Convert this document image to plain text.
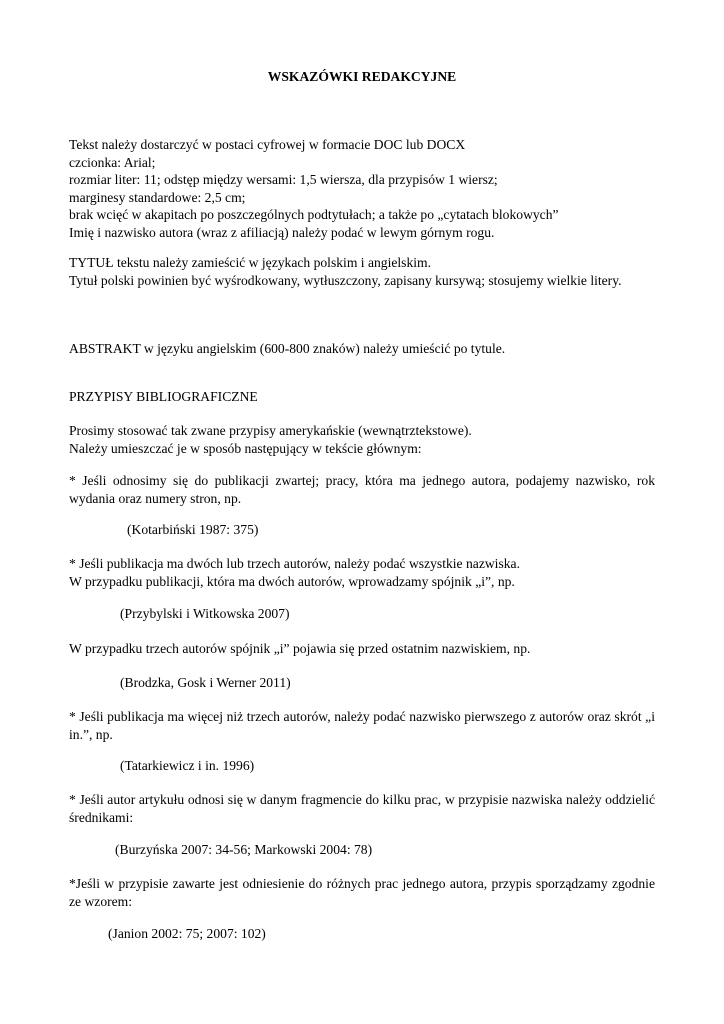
WSKAZÓWKI REDAKCYJNE

Tekst należy dostarczyć w postaci cyfrowej w formacie DOC lub DOCX

czcionka: Arial;

rozmiar liter: 11; odstęp między wersami: 1,5 wiersza, dla przypisów 1 wiersz;

marginesy standardowe: 2,5 cm;

brak wcięć w akapitach po poszczególnych podtytułach; a także po „cytatach blokowych”

Imię i nazwisko autora (wraz z afiliacją) należy podać w lewym górnym rogu.

TYTUŁ tekstu należy zamieścić w językach polskim i angielskim.

Tytuł polski powinien być wyśrodkowany, wytłuszczony, zapisany kursywą; stosujemy wielkie litery.

ABSTRAKT w języku angielskim (600-800 znaków) należy umieścić po tytule.

PRZYPISY BIBLIOGRAFICZNE

Prosimy stosować tak zwane przypisy amerykańskie (wewnątrztekstowe).

Należy umieszczać je w sposób następujący w tekście głównym:

* Jeśli odnosimy się do publikacji zwartej; pracy, która ma jednego autora, podajemy nazwisko, rok wydania oraz numery stron, np.

(Kotarbiński 1987: 375)

* Jeśli publikacja ma dwóch lub trzech autorów, należy podać wszystkie nazwiska.

W przypadku publikacji, która ma dwóch autorów, wprowadzamy spójnik „i”, np.

(Przybylski i Witkowska 2007)

W przypadku trzech autorów spójnik „i” pojawia się przed ostatnim nazwiskiem, np.

(Brodzka, Gosk i Werner 2011)

* Jeśli publikacja ma więcej niż trzech autorów, należy podać nazwisko pierwszego z autorów oraz skrót „i in.”, np.

(Tatarkiewicz i in. 1996)

* Jeśli autor artykułu odnosi się w danym fragmencie do kilku prac, w przypisie nazwiska należy oddzielić średnikami:

(Burzyńska 2007: 34-56; Markowski 2004: 78)

*Jeśli w przypisie zawarte jest odniesienie do różnych prac jednego autora, przypis sporządzamy zgodnie ze wzorem:

(Janion 2002: 75; 2007: 102)
